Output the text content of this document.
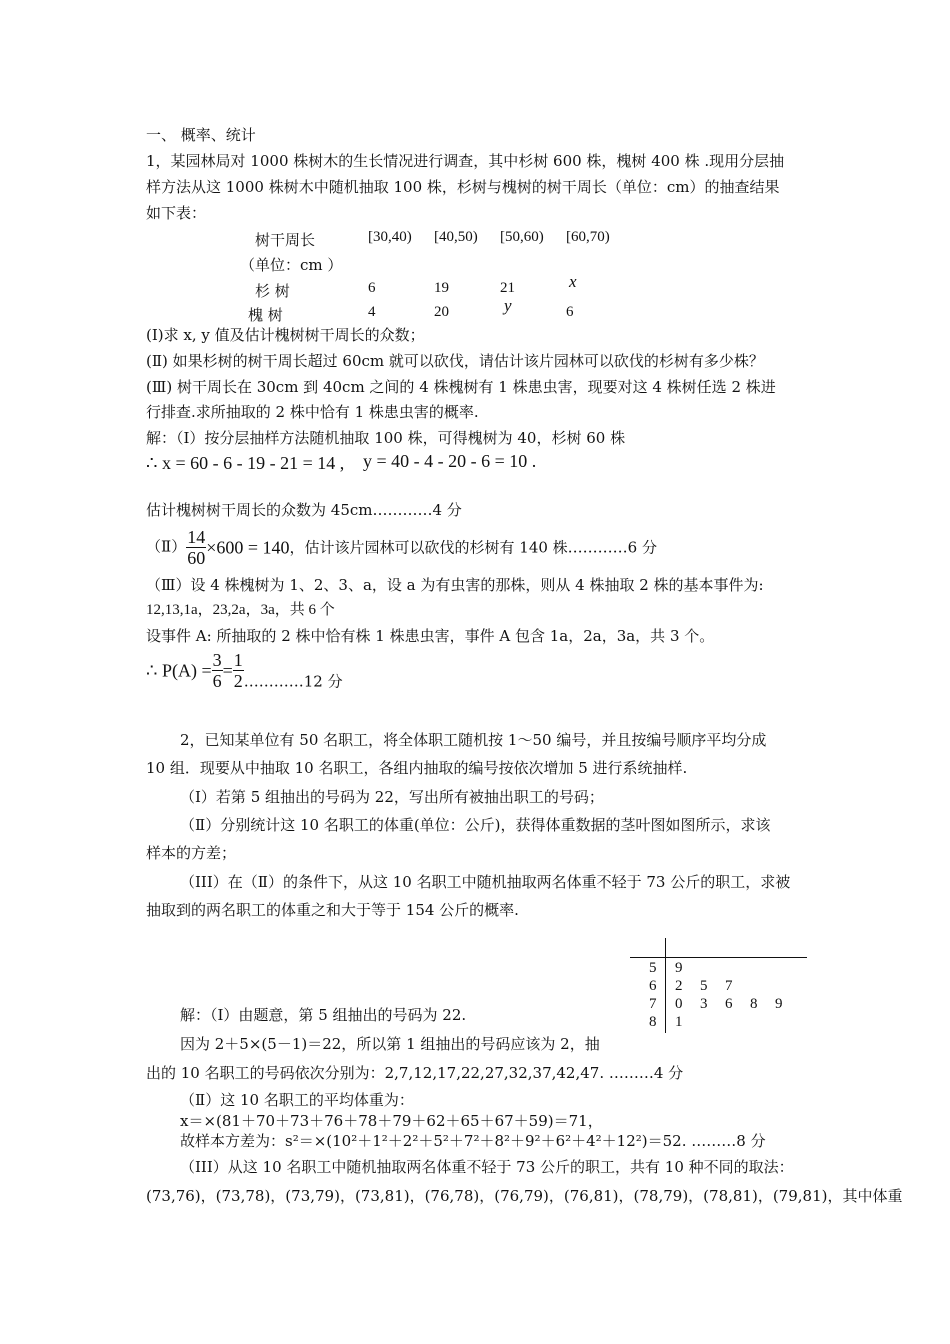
一、 概率、统计
1，某园林局对 1000 株树木的生长情况进行调查，其中杉树 600 株，槐树 400 株 .现用分层抽
样方法从这 1000 株树木中随机抽取 100 株，杉树与槐树的树干周长（单位：cm）的抽查结果
如下表：
树干周长	[30,40) [40,50) [50,60) [60,70)
（单位：cm ）
杉 树	6	19	21	x
槐 树	4	20	y	6
(I)求 x, y 值及估计槐树树干周长的众数；
(Ⅱ) 如果杉树的树干周长超过 60cm 就可以砍伐，请估计该片园林可以砍伐的杉树有多少株？
(Ⅲ) 树干周长在 30cm 到 40cm 之间的 4 株槐树有 1 株患虫害，现要对这 4 株树任选 2 株进
行排查.求所抽取的 2 株中恰有 1 株患虫害的概率.
解：（Ⅰ）按分层抽样方法随机抽取 100 株，可得槐树为 40，杉树 60 株
∴ x = 60 - 6 - 19 - 21 = 14 , y = 40 - 4 - 20 - 6 = 10 .
估计槐树树干周长的众数为 45cm…………4 分
（Ⅱ） $\frac{14}{60} \times 600 = 140$，估计该片园林可以砍伐的杉树有 140 株…………6 分
（Ⅲ）设 4 株槐树为 1、2、3、a，设 a 为有虫害的那株，则从 4 株抽取 2 株的基本事件为:
12,13,1a，23,2a，3a，共 6 个
设事件 A: 所抽取的 2 株中恰有株 1 株患虫害，事件 A 包含 1a，2a，3a，共 3 个。
∴ $P(A) = \frac{3}{6} = \frac{1}{2}$ …………12 分
2，已知某单位有 50 名职工，将全体职工随机按 1～50 编号，并且按编号顺序平均分成
10 组．现要从中抽取 10 名职工，各组内抽取的编号按依次增加 5 进行系统抽样.
（Ⅰ）若第 5 组抽出的号码为 22，写出所有被抽出职工的号码；
（Ⅱ）分别统计这 10 名职工的体重(单位：公斤)，获得体重数据的茎叶图如图所示，求该
样本的方差；
（III）在（Ⅱ）的条件下，从这 10 名职工中随机抽取两名体重不轻于 73 公斤的职工，求被
抽取到的两名职工的体重之和大于等于 154 公斤的概率.
5 9
6 2 5 7
7 0 3 6 8 9
8 1
解：（Ⅰ）由题意，第 5 组抽出的号码为 22.
因为 2＋5×(5－1)＝22，所以第 1 组抽出的号码应该为 2，抽
出的 10 名职工的号码依次分别为：2,7,12,17,22,27,32,37,42,47. ………4 分
（Ⅱ）这 10 名职工的平均体重为：
x＝×(81＋70＋73＋76＋78＋79＋62＋65＋67＋59)＝71，
故样本方差为：s²＝×(10²＋1²＋2²＋5²＋7²＋8²＋9²＋6²＋4²＋12²)＝52. ………8 分
（III）从这 10 名职工中随机抽取两名体重不轻于 73 公斤的职工，共有 10 种不同的取法：
(73,76)，(73,78)，(73,79)，(73,81)，(76,78)，(76,79)，(76,81)，(78,79)，(78,81)，(79,81)，其中体重
